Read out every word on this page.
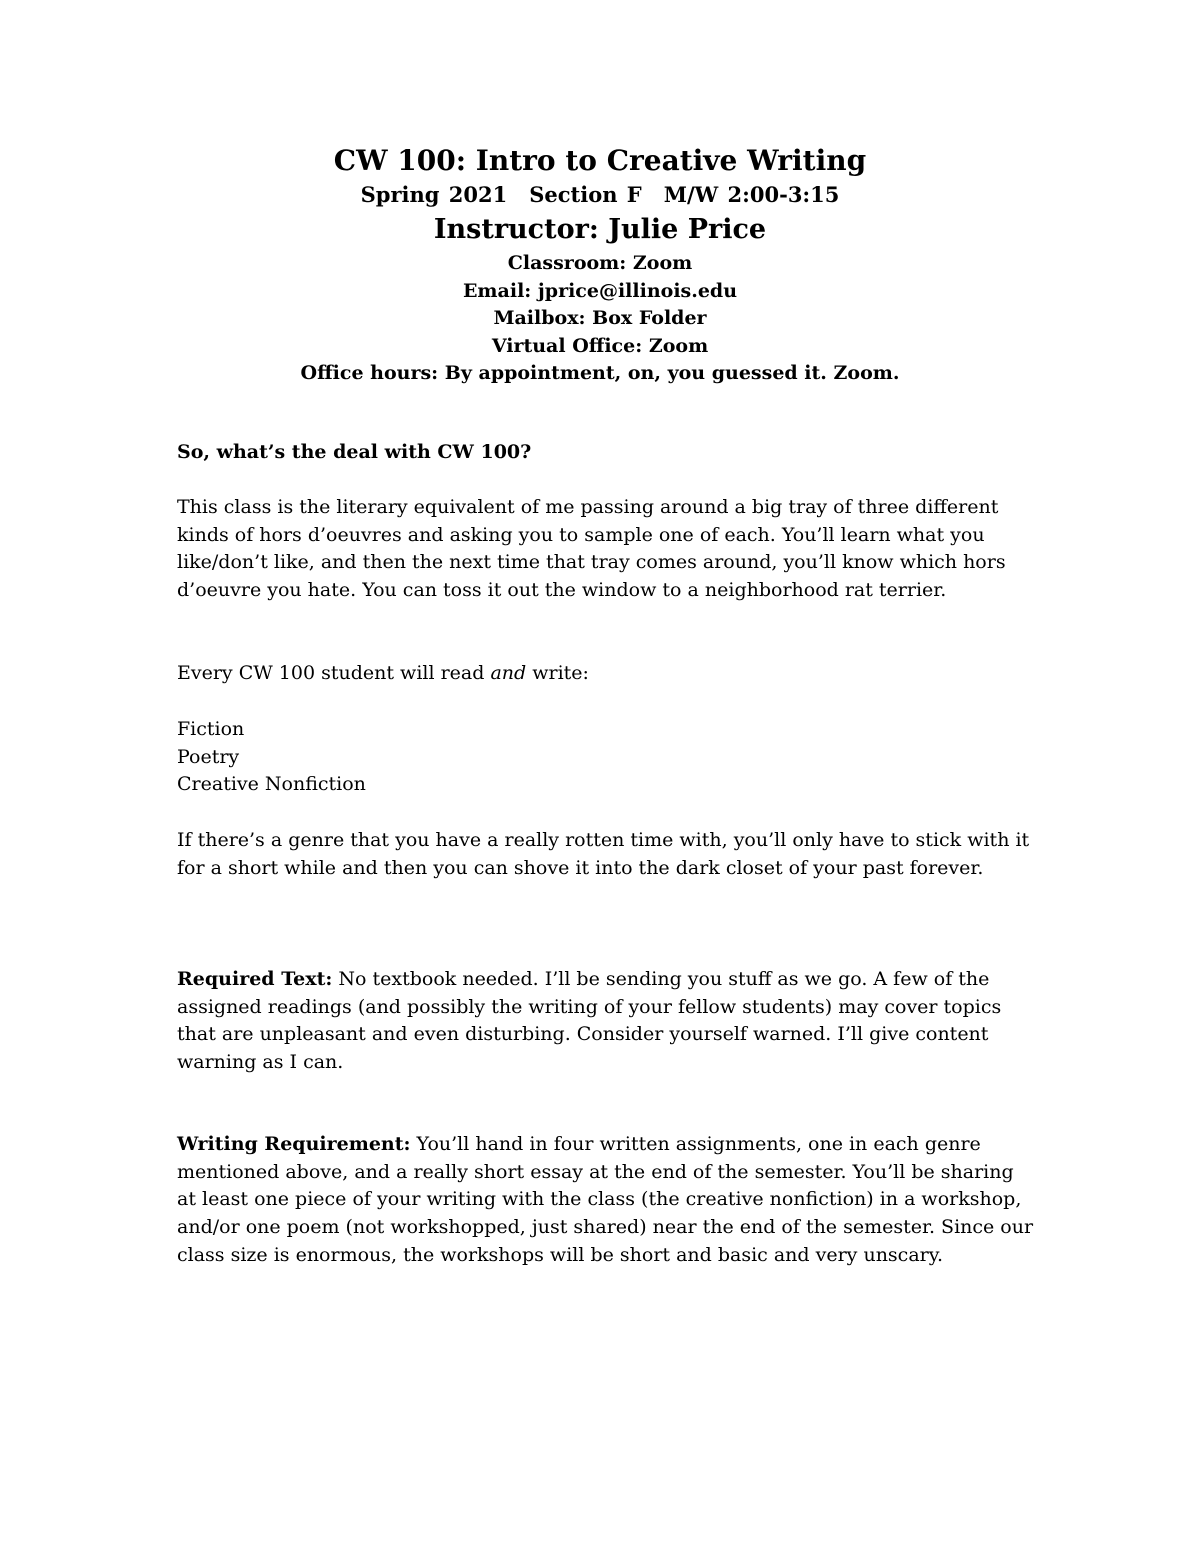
CW 100: Intro to Creative Writing
Spring 2021 Section F M/W 2:00-3:15
Instructor: Julie Price
Classroom: Zoom
Email: jprice@illinois.edu
Mailbox: Box Folder
Virtual Office: Zoom
Office hours: By appointment, on, you guessed it. Zoom.

So, what’s the deal with CW 100?

This class is the literary equivalent of me passing around a big tray of three different kinds of hors d’oeuvres and asking you to sample one of each. You’ll learn what you like/don’t like, and then the next time that tray comes around, you’ll know which hors d’oeuvre you hate. You can toss it out the window to a neighborhood rat terrier.

Every CW 100 student will read and write:

Fiction

Poetry

Creative Nonfiction

If there’s a genre that you have a really rotten time with, you’ll only have to stick with it for a short while and then you can shove it into the dark closet of your past forever.

Required Text: No textbook needed. I’ll be sending you stuff as we go. A few of the assigned readings (and possibly the writing of your fellow students) may cover topics that are unpleasant and even disturbing. Consider yourself warned. I’ll give content warning as I can.

Writing Requirement: You’ll hand in four written assignments, one in each genre mentioned above, and a really short essay at the end of the semester. You’ll be sharing at least one piece of your writing with the class (the creative nonfiction) in a workshop, and/or one poem (not workshopped, just shared) near the end of the semester. Since our class size is enormous, the workshops will be short and basic and very unscary.
